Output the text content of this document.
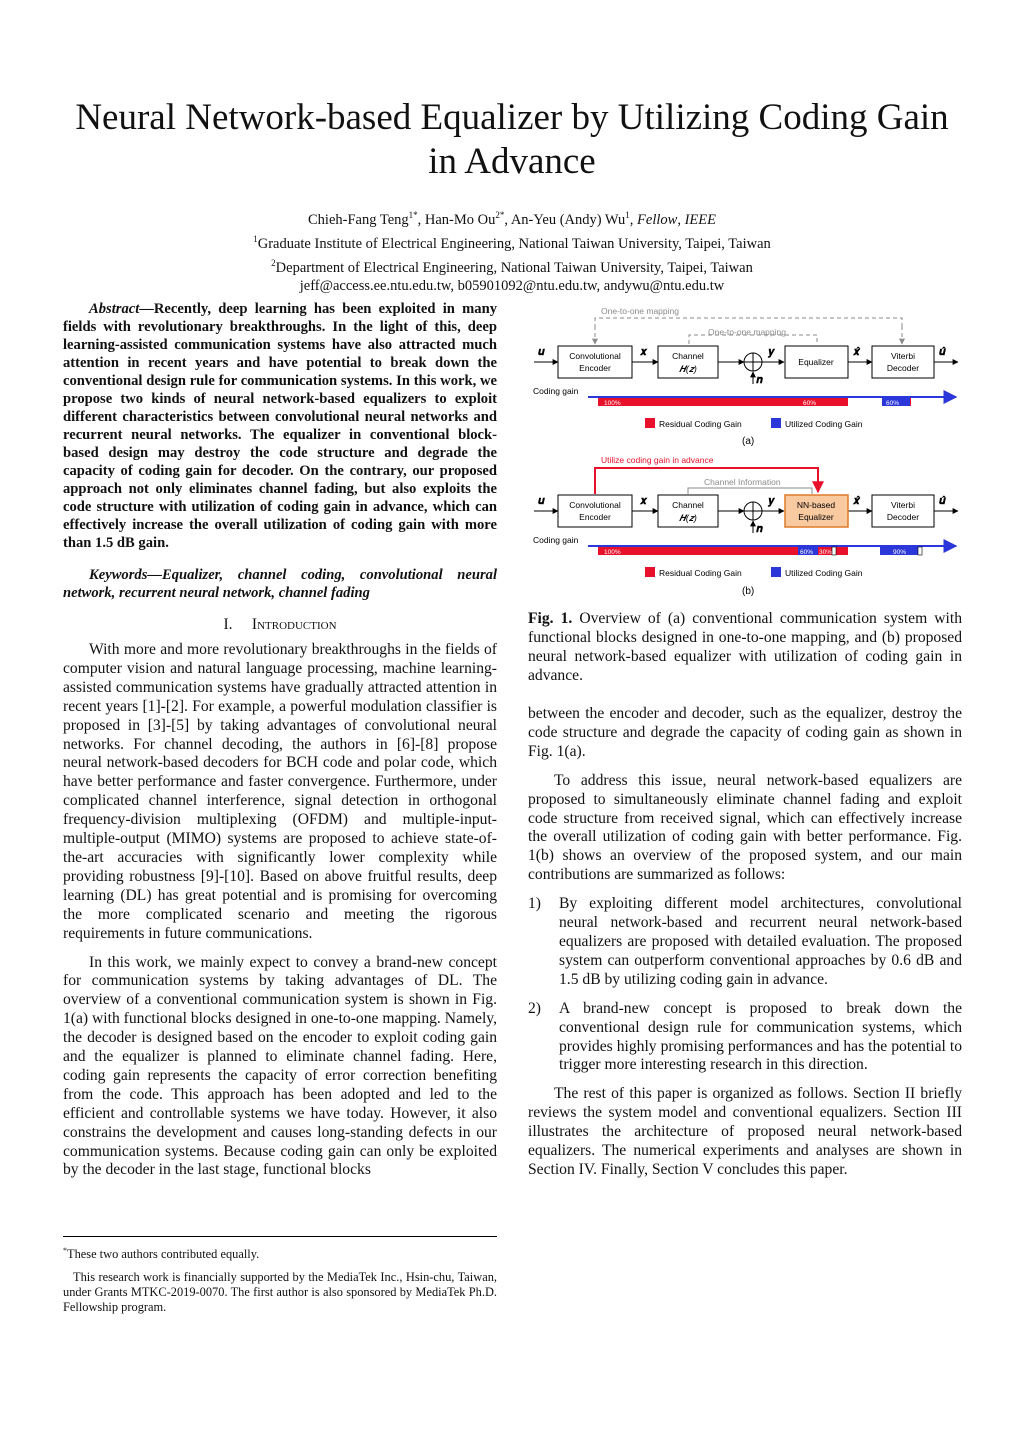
Neural Network-based Equalizer by Utilizing Coding Gain
in Advance
Chieh-Fang Teng$^{1*}$, Han-Mo $Ou^{2*}$, An-Yeu (Andy) Wu$^1$, Fellow, IEEE
$^1$Graduate Institute of Electrical Engineering, National Taiwan University, Taipei, Taiwan
$^2$Department of Electrical Engineering, National Taiwan University, Taipei, Taiwan
jeff@access.ee.ntu.edu.tw, b05901092@ntu.edu.tw, andywu@ntu.edu.tw

Abstract—Recently, deep learning has been exploited in many fields with revolutionary breakthroughs. In the light of this, deep learning-assisted communication systems have also attracted much attention in recent years and have potential to break down the conventional design rule for communication systems. In this work, we propose two kinds of neural network-based equalizers to exploit different characteristics between convolutional neural networks and recurrent neural networks. The equalizer in conventional block-based design may destroy the code structure and degrade the capacity of coding gain for decoder. On the contrary, our proposed approach not only eliminates channel fading, but also exploits the code structure with utilization of coding gain in advance, which can effectively increase the overall utilization of coding gain with more than 1.5 dB gain.

Keywords—Equalizer, channel coding, convolutional neural network, recurrent neural network, channel fading

I. Introduction

With more and more revolutionary breakthroughs in the fields of computer vision and natural language processing, machine learning-assisted communication systems have gradually attracted attention in recent years [1]-[2]. For example, a powerful modulation classifier is proposed in [3]-[5] by taking advantages of convolutional neural networks. For channel decoding, the authors in [6]-[8] propose neural network-based decoders for BCH code and polar code, which have better performance and faster convergence. Furthermore, under complicated channel interference, signal detection in orthogonal frequency-division multiplexing (OFDM) and multiple-input-multiple-output (MIMO) systems are proposed to achieve state-of-the-art accuracies with significantly lower complexity while providing robustness [9]-[10]. Based on above fruitful results, deep learning (DL) has great potential and is promising for overcoming the more complicated scenario and meeting the rigorous requirements in future communications.

In this work, we mainly expect to convey a brand-new concept for communication systems by taking advantages of DL. The overview of a conventional communication system is shown in Fig. 1(a) with functional blocks designed in one-to-one mapping. Namely, the decoder is designed based on the encoder to exploit coding gain and the equalizer is planned to eliminate channel fading. Here, coding gain represents the capacity of error correction benefiting from the code. This approach has been adopted and led to the efficient and controllable systems we have today. However, it also constrains the development and causes long-standing defects in our communication systems. Because coding gain can only be exploited by the decoder in the last stage, functional blocks

*These two authors contributed equally.
This research work is financially supported by the MediaTek Inc., Hsin-chu, Taiwan, under Grants MTKC-2019-0070. The first author is also sponsored by MediaTek Ph.D. Fellowship program.
One-to-one mapping
One-to-one mapping
𝒖	𝒙	𝒚	𝒙̂	𝒖̂
Convolutional
Encoder
Channel
𝑯(𝒛)
𝒏
Equalizer
Viterbi
Decoder
Coding gain
100%	60%	60%
Residual Coding Gain	Utilized Coding Gain
(a)
Utilize coding gain in advance
Channel Information
𝒖	𝒙	𝒚	𝒙̂	𝒖̂
Convolutional
Encoder
Channel
𝑯(𝒛)
𝒏
NN-based
Equalizer
Viterbi
Decoder
Coding gain
100%	60% 30%	90%
Residual Coding Gain	Utilized Coding Gain
(b)

Fig. 1. Overview of (a) conventional communication system with functional blocks designed in one-to-one mapping, and (b) proposed neural network-based equalizer with utilization of coding gain in advance.

between the encoder and decoder, such as the equalizer, destroy the code structure and degrade the capacity of coding gain as shown in Fig. 1(a).

To address this issue, neural network-based equalizers are proposed to simultaneously eliminate channel fading and exploit code structure from received signal, which can effectively increase the overall utilization of coding gain with better performance. Fig. 1(b) shows an overview of the proposed system, and our main contributions are summarized as follows:

1) By exploiting different model architectures, convolutional neural network-based and recurrent neural network-based equalizers are proposed with detailed evaluation. The proposed system can outperform conventional approaches by 0.6 dB and 1.5 dB by utilizing coding gain in advance.
2) A brand-new concept is proposed to break down the conventional design rule for communication systems, which provides highly promising performances and has the potential to trigger more interesting research in this direction.

The rest of this paper is organized as follows. Section II briefly reviews the system model and conventional equalizers. Section III illustrates the architecture of proposed neural network-based equalizers. The numerical experiments and analyses are shown in Section IV. Finally, Section V concludes this paper.
